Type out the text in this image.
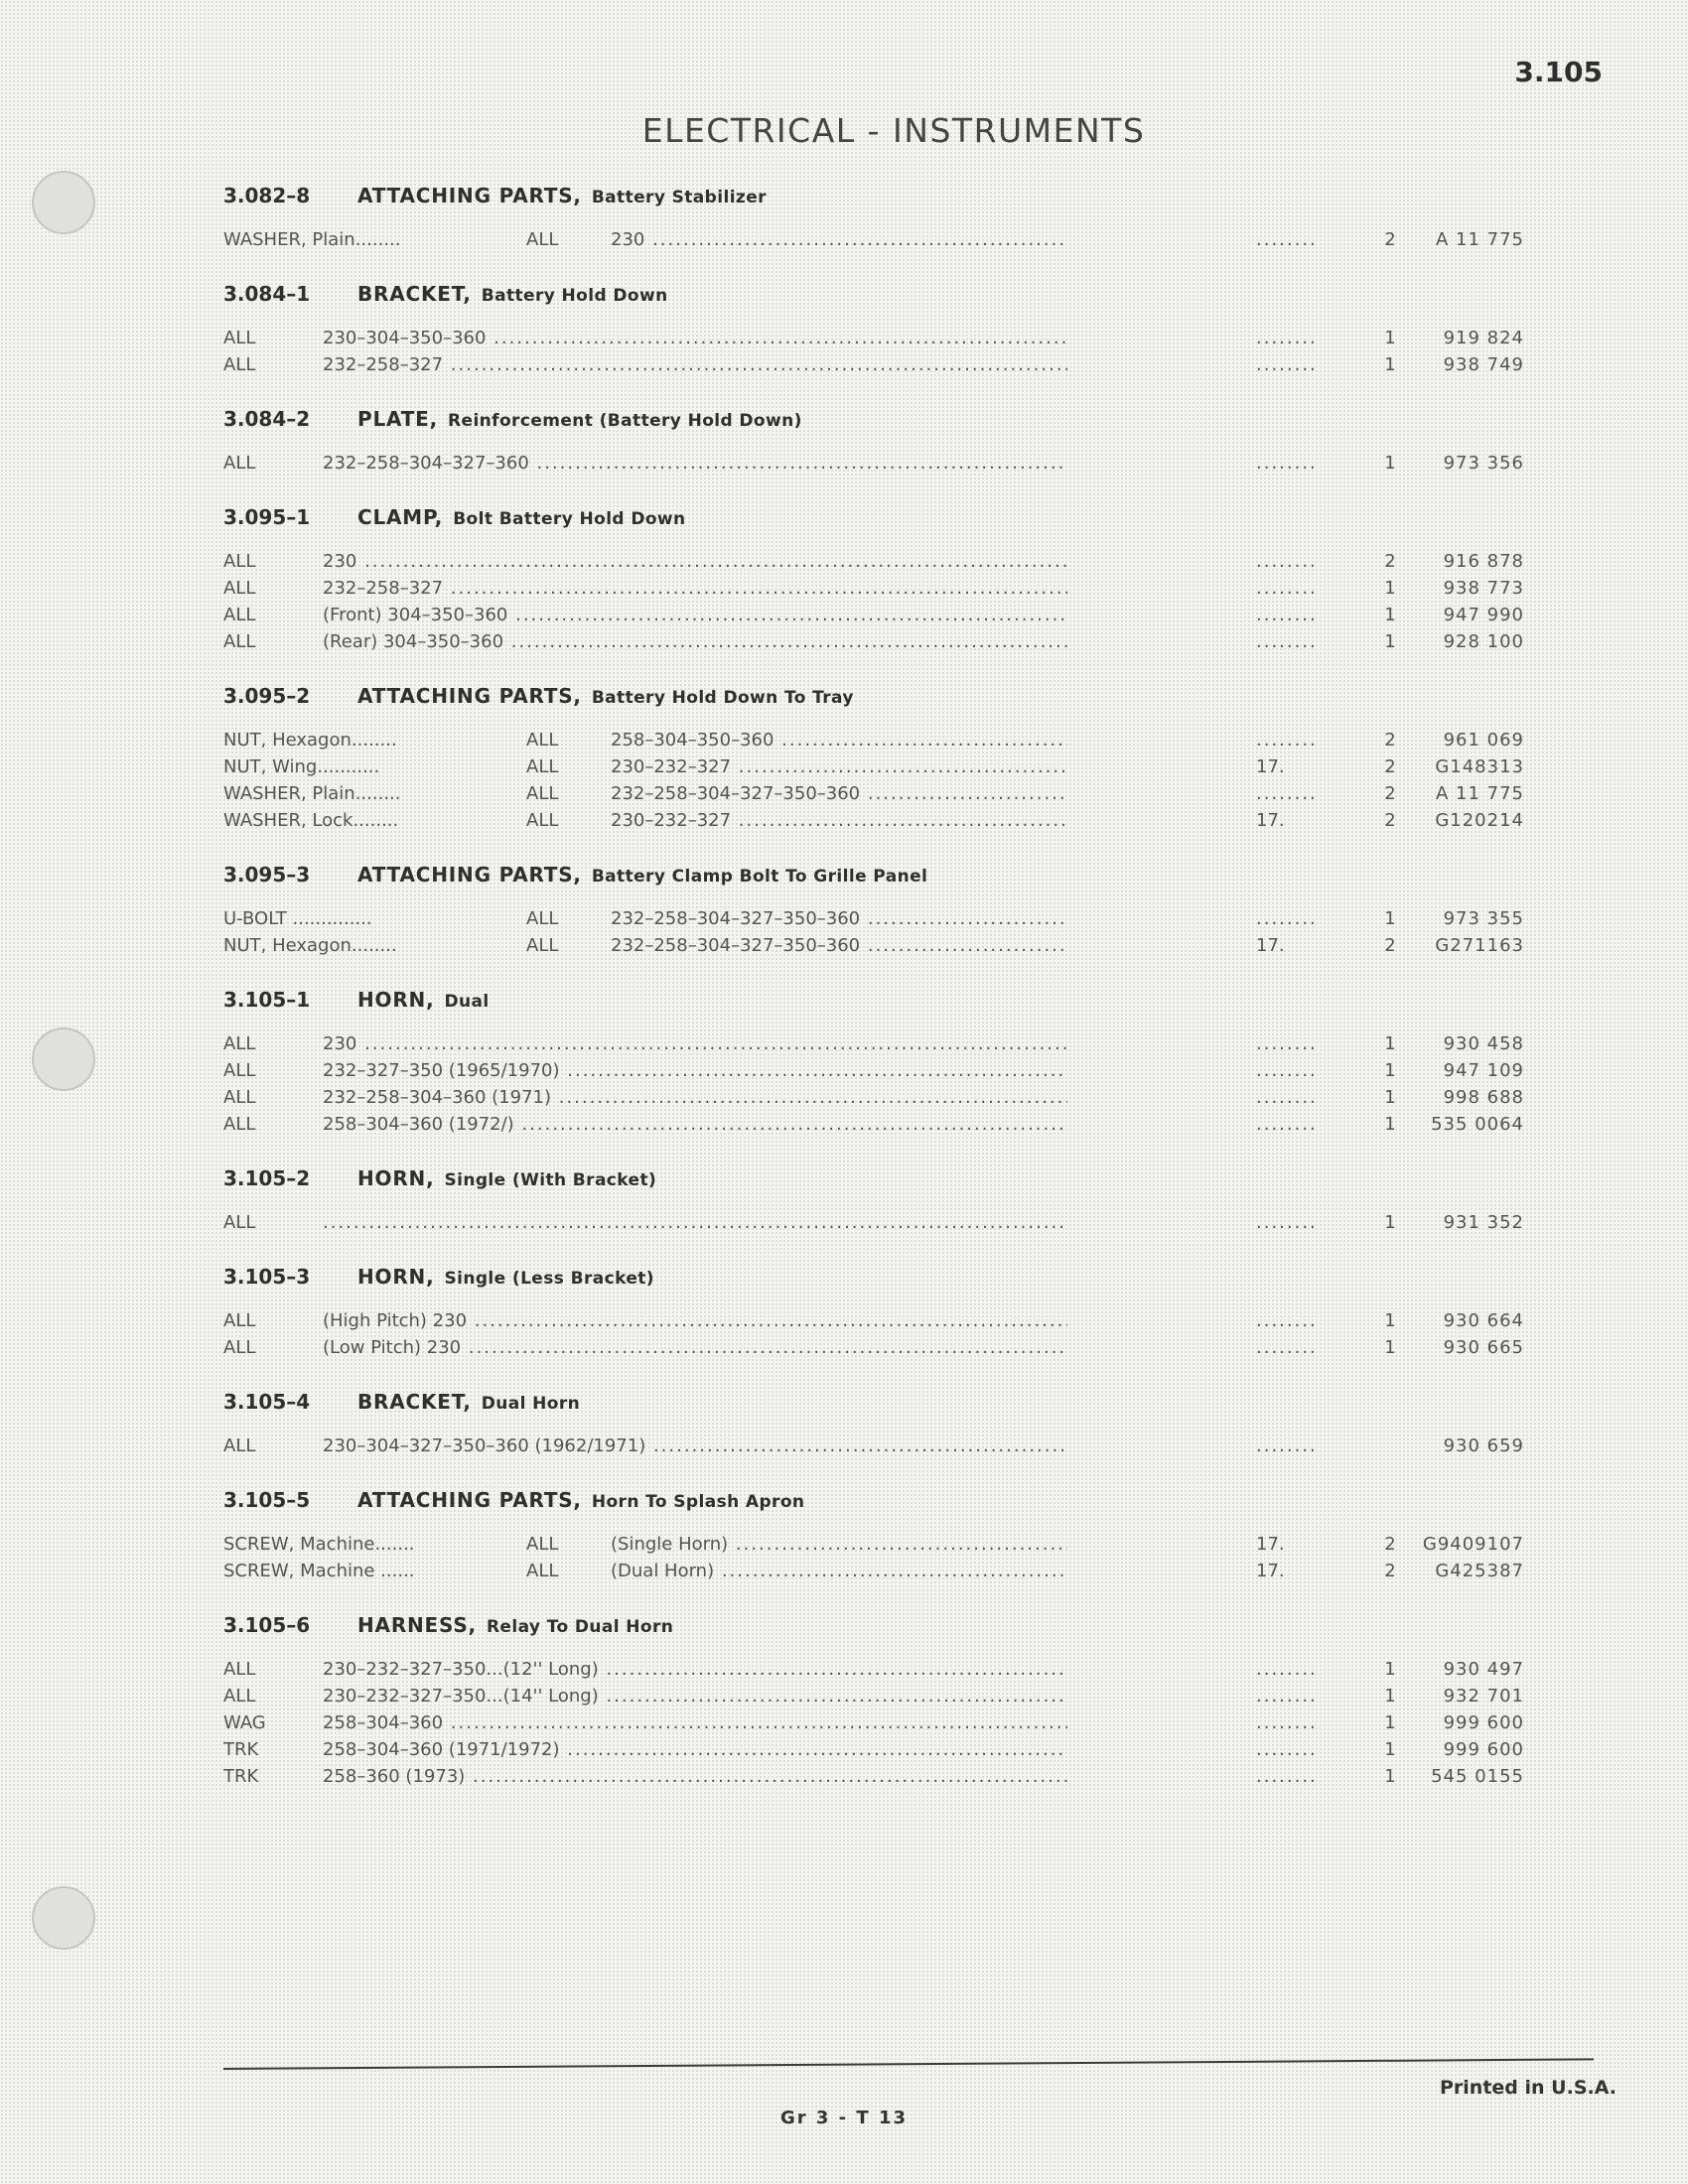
3.105
ELECTRICAL - INSTRUMENTS
3.082–8 ATTACHING PARTS, Battery Stabilizer
WASHER, Plain........	ALL	230 .....	........	2	A 11 775
3.084–1 BRACKET, Battery Hold Down
ALL	230–304–350–360 .....	........	1	919 824
ALL	232–258–327 .....	........	1	938 749
3.084–2 PLATE, Reinforcement (Battery Hold Down)
ALL	232–258–304–327–360 .....	........	1	973 356
3.095–1 CLAMP, Bolt Battery Hold Down
ALL	230 .....	........	2	916 878
ALL	232–258–327 .....	........	1	938 773
ALL	(Front) 304–350–360 .....	........	1	947 990
ALL	(Rear) 304–350–360 .....	........	1	928 100
3.095–2 ATTACHING PARTS, Battery Hold Down To Tray
NUT, Hexagon........	ALL	258–304–350–360 .....	........	2	961 069
NUT, Wing...........	ALL	230–232–327 .....	17.	2	G148313
WASHER, Plain........	ALL	232–258–304–327–350–360 .....	........	2	A 11 775
WASHER, Lock........	ALL	230–232–327 .....	17.	2	G120214
3.095–3 ATTACHING PARTS, Battery Clamp Bolt To Grille Panel
U-BOLT ..............	ALL	232–258–304–327–350–360 .....	........	1	973 355
NUT, Hexagon........	ALL	232–258–304–327–350–360 .....	17.	2	G271163
3.105–1 HORN, Dual
ALL	230 .....	........	1	930 458
ALL	232–327–350 (1965/1970) .....	........	1	947 109
ALL	232–258–304–360 (1971) .....	........	1	998 688
ALL	258–304–360 (1972/) .....	........	1	535 0064
3.105–2 HORN, Single (With Bracket)
ALL
.....	........	1	931 352
3.105–3 HORN, Single (Less Bracket)
ALL	(High Pitch) 230 .....	........	1	930 664
ALL	(Low Pitch) 230 .....	........	1	930 665
3.105–4 BRACKET, Dual Horn
ALL	230–304–327–350–360 (1962/1971) .....	........	930 659
3.105–5 ATTACHING PARTS, Horn To Splash Apron
SCREW, Machine.......	ALL	(Single Horn) .....	17.	2	G9409107
SCREW, Machine ......	ALL	(Dual Horn) .....	17.	2	G425387
3.105–6 HARNESS, Relay To Dual Horn
ALL	230–232–327–350...(12'' Long) .....	........	1	930 497
ALL	230–232–327–350...(14'' Long) .....	........	1	932 701
WAG	258–304–360 .....	........	1	999 600
TRK	258–304–360 (1971/1972) .....	........	1	999 600
TRK	258–360 (1973) .....	........	1	545 0155
Printed in U.S.A.
Gr 3 - T 13
